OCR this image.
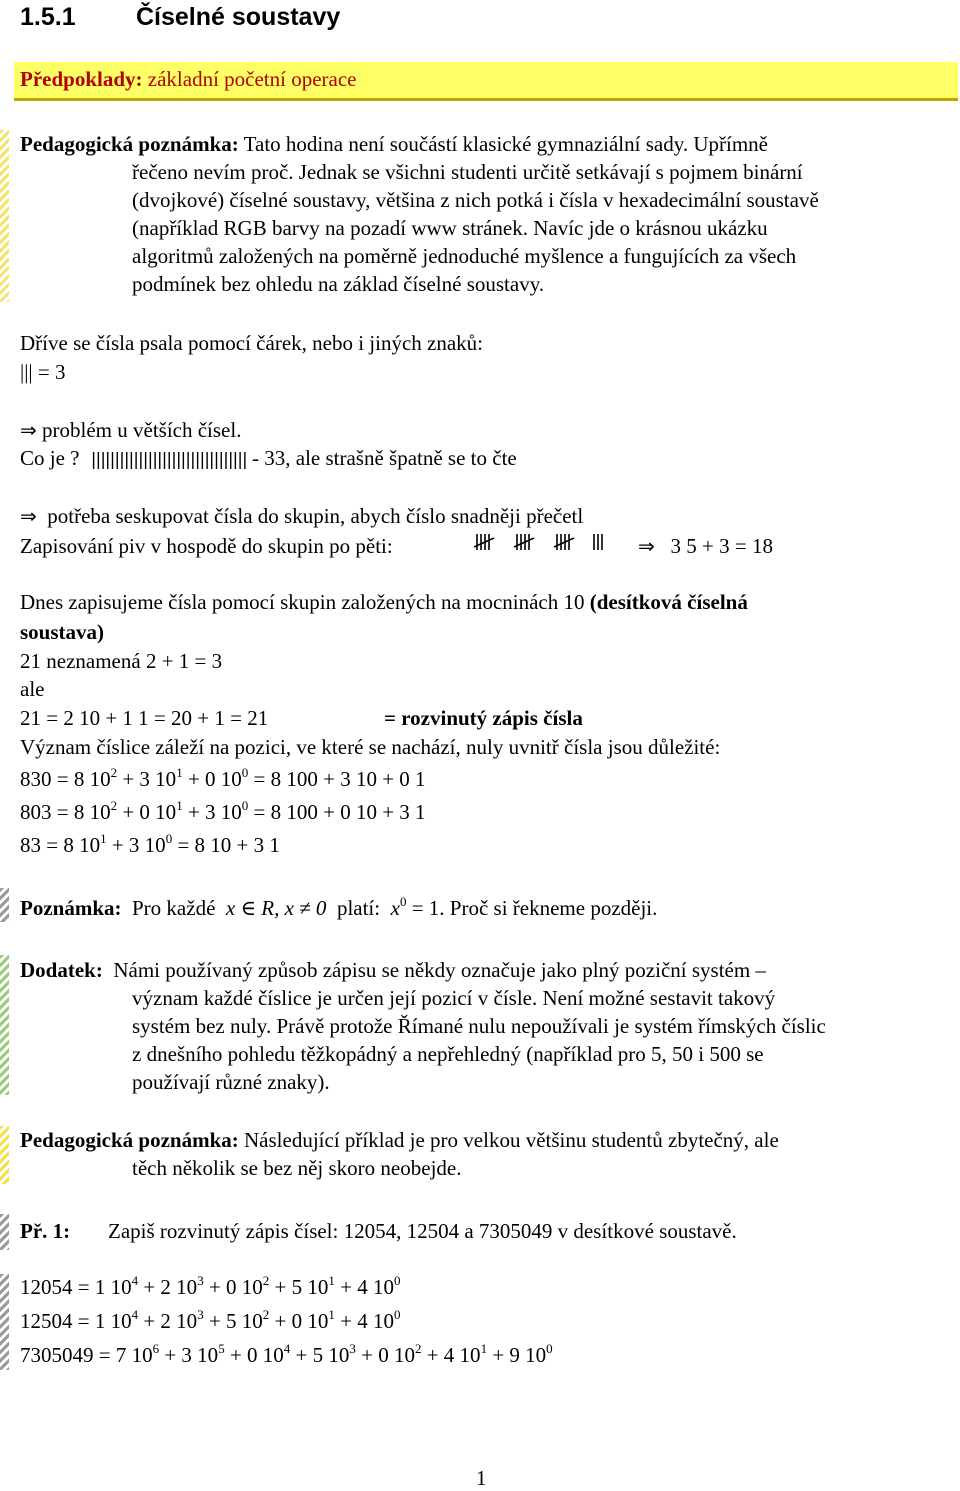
1.5.1 Číselné soustavy
Předpoklady: základní početní operace
Pedagogická poznámka: Tato hodina není součástí klasické gymnaziální sady. Upřímně
řečeno nevím proč. Jednak se všichni studenti určitě setkávají s pojmem binární
(dvojkové) číselné soustavy, většina z nich potká i čísla v hexadecimální soustavě
(například RGB barvy na pozadí www stránek. Navíc jde o krásnou ukázku
algoritmů založených na poměrně jednoduché myšlence a fungujících za všech
podmínek bez ohledu na základ číselné soustavy.
Dříve se čísla psala pomocí čárek, nebo i jiných znaků:
||| = 3
⇒ problém u větších čísel.
Co je ? ||||||||||||||||||||||||||||||||| - 33, ale strašně špatně se to čte
⇒ potřeba seskupovat čísla do skupin, abych číslo snadněji přečetl
Zapisování piv v hospodě do skupin po pěti:	⇒ 3 5 + 3 = 18
Dnes zapisujeme čísla pomocí skupin založených na mocninách 10 (desítková číselná
soustava)
21 neznamená 2 + 1 = 3
ale
21 = 2 10 + 1 1 = 20 + 1 = 21	= rozvinutý zápis čísla
Význam číslice záleží na pozici, ve které se nachází, nuly uvnitř čísla jsou důležité:
830 = 8 $10^2 + 3$ $10^1 + 0$ $10^0 = 8$ 100 + 3 10 + 0 1
803 = 8 $10^2 + 0$ $10^1 + 3$ $10^0 = 8$ 100 + 0 10 + 3 1
83 = 8 $10^1 + 3$ $10^0 = 8$ 10 + 3 1
Poznámka: Pro každé x ∈ R, x ≠ 0 platí: $x^0 = 1$. Proč si řekneme později.
Dodatek: Námi používaný způsob zápisu se někdy označuje jako plný poziční systém –
význam každé číslice je určen její pozicí v čísle. Není možné sestavit takový
systém bez nuly. Právě protože Římané nulu nepoužívali je systém římských číslic
z dnešního pohledu těžkopádný a nepřehledný (například pro 5, 50 i 500 se
používají různé znaky).
Pedagogická poznámka: Následující příklad je pro velkou většinu studentů zbytečný, ale
těch několik se bez něj skoro neobejde.
Př. 1: Zapiš rozvinutý zápis čísel: 12054, 12504 a 7305049 v desítkové soustavě.
12054 = 1 $10^4 + 2$ $10^3 + 0$ $10^2 + 5$ $10^1 + 4$ $10^0$
12504 = 1 $10^4 + 2$ $10^3 + 5$ $10^2 + 0$ $10^1 + 4$ $10^0$
7305049 = 7 $10^6 + 3$ $10^5 + 0$ $10^4 + 5$ $10^3 + 0$ $10^2 + 4$ $10^1 + 9$ $10^0$
1
